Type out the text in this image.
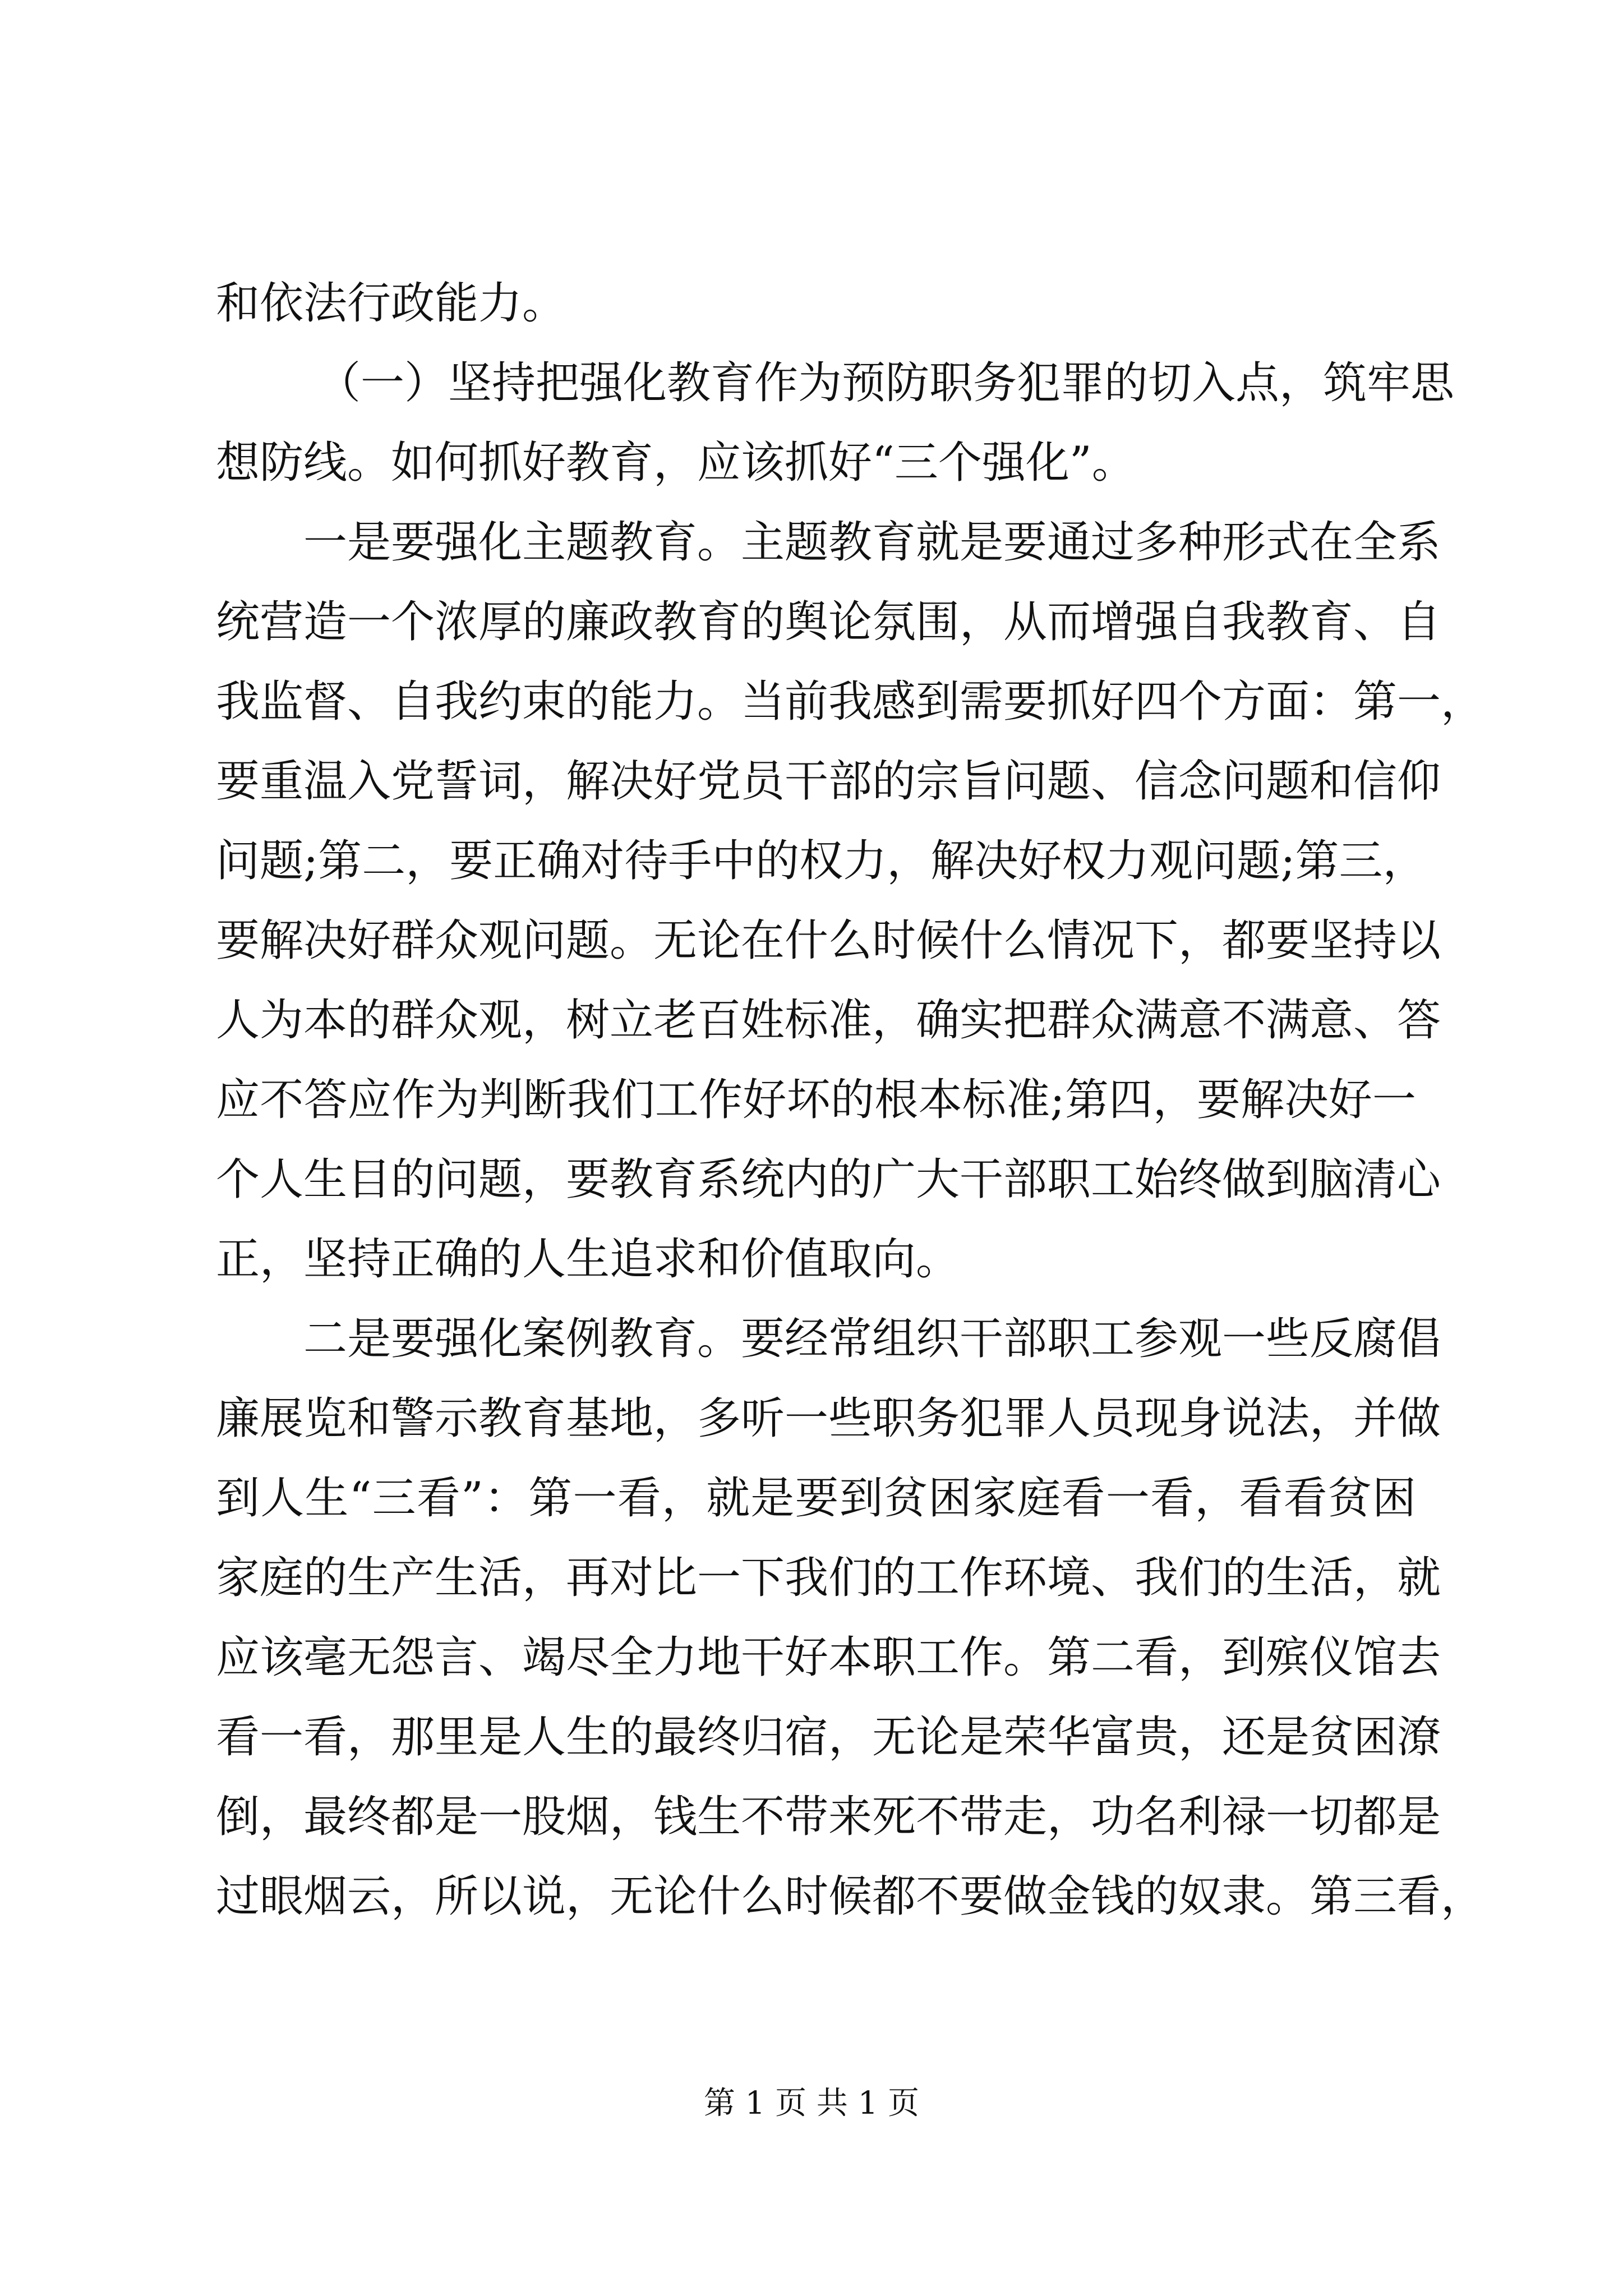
和依法行政能力。
（一）坚持把强化教育作为预防职务犯罪的切入点，筑牢思
想防线。如何抓好教育，应该抓好“三个强化”。
一是要强化主题教育。主题教育就是要通过多种形式在全系
统营造一个浓厚的廉政教育的舆论氛围，从而增强自我教育、自
我监督、自我约束的能力。当前我感到需要抓好四个方面：第一，
要重温入党誓词，解决好党员干部的宗旨问题、信念问题和信仰
问题;第二，要正确对待手中的权力，解决好权力观问题;第三，
要解决好群众观问题。无论在什么时候什么情况下，都要坚持以
人为本的群众观，树立老百姓标准，确实把群众满意不满意、答
应不答应作为判断我们工作好坏的根本标准;第四，要解决好一
个人生目的问题，要教育系统内的广大干部职工始终做到脑清心
正，坚持正确的人生追求和价值取向。
二是要强化案例教育。要经常组织干部职工参观一些反腐倡
廉展览和警示教育基地，多听一些职务犯罪人员现身说法，并做
到人生“三看”：第一看，就是要到贫困家庭看一看，看看贫困
家庭的生产生活，再对比一下我们的工作环境、我们的生活，就
应该毫无怨言、竭尽全力地干好本职工作。第二看，到殡仪馆去
看一看，那里是人生的最终归宿，无论是荣华富贵，还是贫困潦
倒，最终都是一股烟，钱生不带来死不带走，功名利禄一切都是
过眼烟云，所以说，无论什么时候都不要做金钱的奴隶。第三看，
第 1 页 共 1 页
